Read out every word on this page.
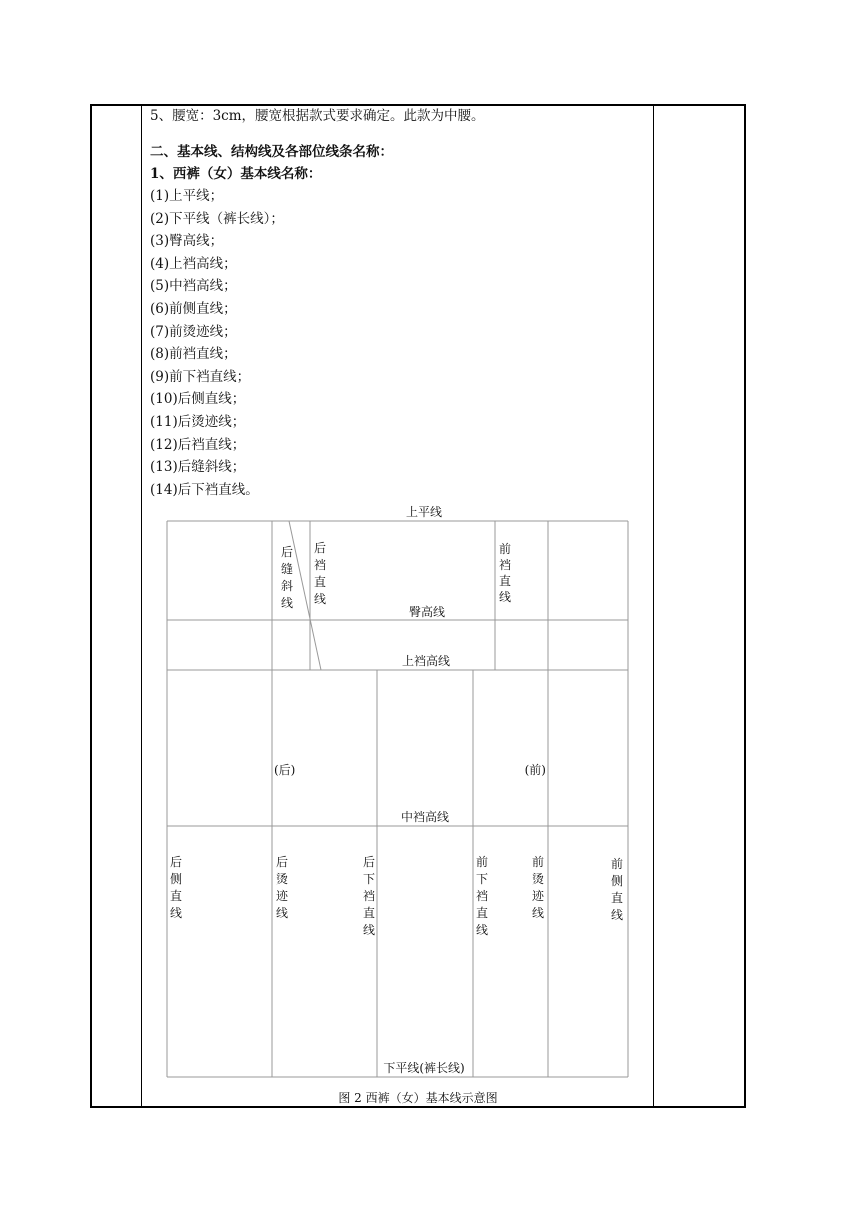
5、腰宽：3cm，腰宽根据款式要求确定。此款为中腰。
二、基本线、结构线及各部位线条名称：
1、西裤（女）基本线名称：
(1)上平线；
(2)下平线（裤长线）；
(3)臀高线；
(4)上裆高线；
(5)中裆高线；
(6)前侧直线；
(7)前烫迹线；
(8)前裆直线；
(9)前下裆直线；
(10)后侧直线；
(11)后烫迹线；
(12)后裆直线；
(13)后缝斜线；
(14)后下裆直线。
上平线
臀高线
上裆高线
中裆高线
下平线(裤长线)
(后)	(前)
后缝斜线
后裆直线
前裆直线
后侧直线
后烫迹线
后下裆直线
前下裆直线
前烫迹线
前侧直线
图 2 西裤（女）基本线示意图
